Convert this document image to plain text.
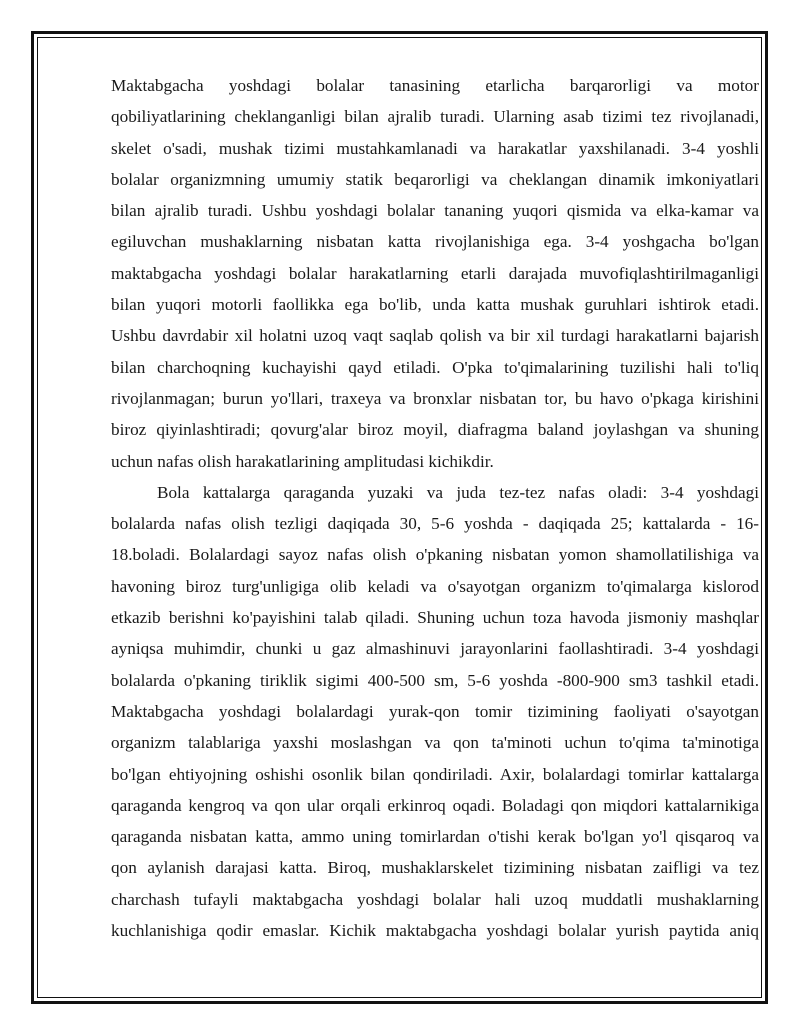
Maktabgacha yoshdagi bolalar tanasining etarlicha barqarorligi va motor
qobiliyatlarining cheklanganligi bilan ajralib turadi. Ularning asab tizimi tez rivojlanadi,
skelet o'sadi, mushak tizimi mustahkamlanadi va harakatlar yaxshilanadi. 3-4 yoshli
bolalar organizmning umumiy statik beqarorligi va cheklangan dinamik imkoniyatlari
bilan ajralib turadi. Ushbu yoshdagi bolalar tananing yuqori qismida va elka-kamar va
egiluvchan mushaklarning nisbatan katta rivojlanishiga ega. 3-4 yoshgacha bo'lgan
maktabgacha yoshdagi bolalar harakatlarning etarli darajada muvofiqlashtirilmaganligi
bilan yuqori motorli faollikka ega bo'lib, unda katta mushak guruhlari ishtirok etadi.
Ushbu davrdabir xil holatni uzoq vaqt saqlab qolish va bir xil turdagi harakatlarni bajarish
bilan charchoqning kuchayishi qayd etiladi. O'pka to'qimalarining tuzilishi hali to'liq
rivojlanmagan; burun yo'llari, traxeya va bronxlar nisbatan tor, bu havo o'pkaga kirishini
biroz qiyinlashtiradi; qovurg'alar biroz moyil, diafragma baland joylashgan va shuning
uchun nafas olish harakatlarining amplitudasi kichikdir.

Bola kattalarga qaraganda yuzaki va juda tez-tez nafas oladi: 3-4 yoshdagi
bolalarda nafas olish tezligi daqiqada 30, 5-6 yoshda - daqiqada 25; kattalarda - 16-
18.boladi. Bolalardagi sayoz nafas olish o'pkaning nisbatan yomon shamollatilishiga va
havoning biroz turg'unligiga olib keladi va o'sayotgan organizm to'qimalarga kislorod
etkazib berishni ko'payishini talab qiladi. Shuning uchun toza havoda jismoniy mashqlar
ayniqsa muhimdir, chunki u gaz almashinuvi jarayonlarini faollashtiradi. 3-4 yoshdagi
bolalarda o'pkaning tiriklik sigimi 400-500 sm, 5-6 yoshda -800-900 sm3 tashkil etadi.
Maktabgacha yoshdagi bolalardagi yurak-qon tomir tizimining faoliyati o'sayotgan
organizm talablariga yaxshi moslashgan va qon ta'minoti uchun to'qima ta'minotiga
bo'lgan ehtiyojning oshishi osonlik bilan qondiriladi. Axir, bolalardagi tomirlar kattalarga
qaraganda kengroq va qon ular orqali erkinroq oqadi. Boladagi qon miqdori kattalarnikiga
qaraganda nisbatan katta, ammo uning tomirlardan o'tishi kerak bo'lgan yo'l qisqaroq va
qon aylanish darajasi katta. Biroq, mushaklarskelet tizimining nisbatan zaifligi va tez
charchash tufayli maktabgacha yoshdagi bolalar hali uzoq muddatli mushaklarning
kuchlanishiga qodir emaslar. Kichik maktabgacha yoshdagi bolalar yurish paytida aniq
